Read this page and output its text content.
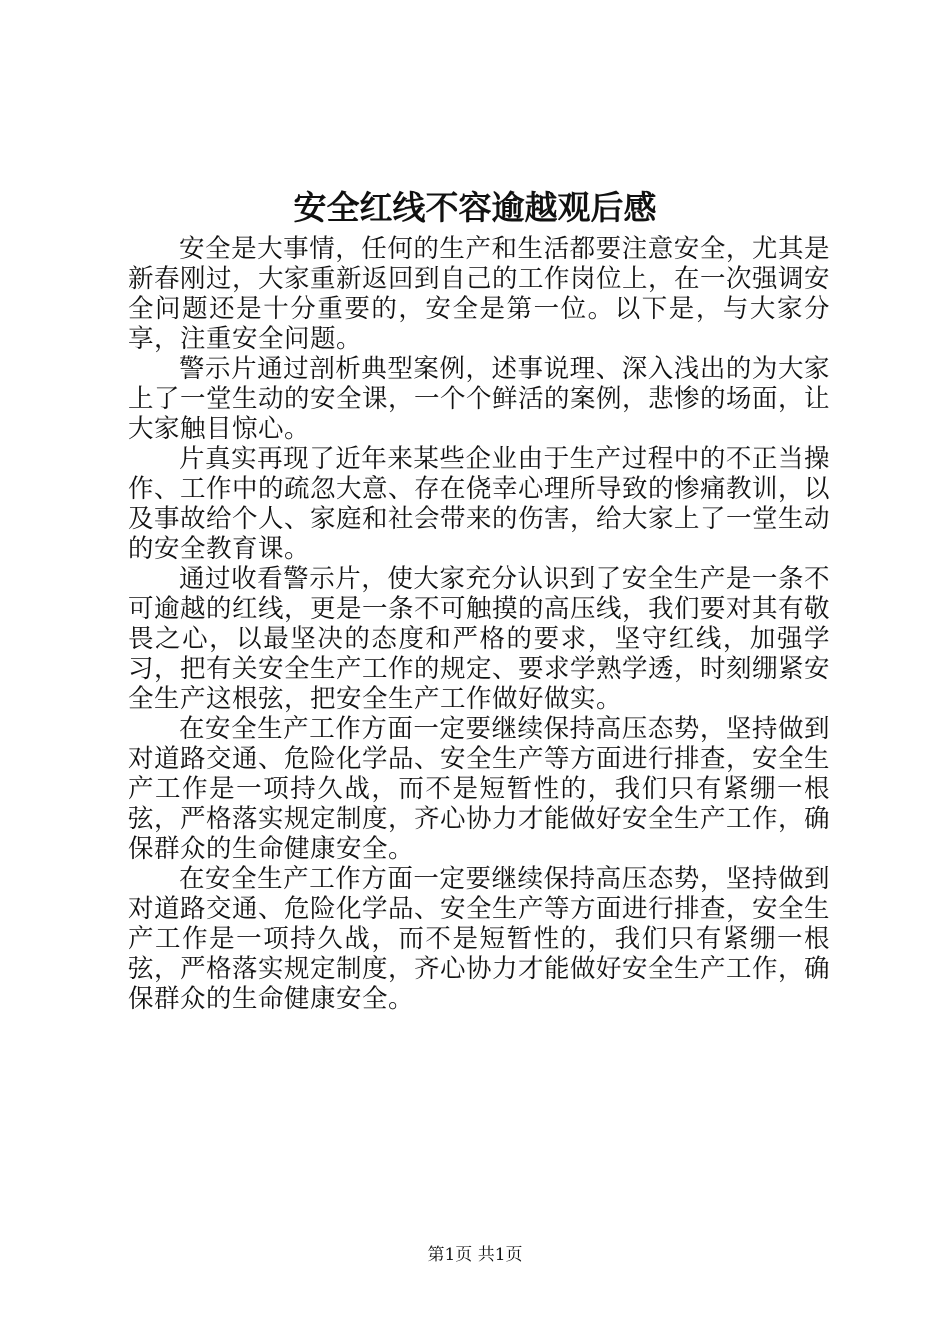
安全红线不容逾越观后感

安全是大事情，任何的生产和生活都要注意安全，尤其是新春刚过，大家重新返回到自己的工作岗位上，在一次强调安全问题还是十分重要的，安全是第一位。以下是，与大家分享，注重安全问题。

警示片通过剖析典型案例，述事说理、深入浅出的为大家上了一堂生动的安全课，一个个鲜活的案例，悲惨的场面，让大家触目惊心。

片真实再现了近年来某些企业由于生产过程中的不正当操作、工作中的疏忽大意、存在侥幸心理所导致的惨痛教训，以及事故给个人、家庭和社会带来的伤害，给大家上了一堂生动的安全教育课。

通过收看警示片，使大家充分认识到了安全生产是一条不可逾越的红线，更是一条不可触摸的高压线，我们要对其有敬畏之心，以最坚决的态度和严格的要求，坚守红线，加强学习，把有关安全生产工作的规定、要求学熟学透，时刻绷紧安全生产这根弦，把安全生产工作做好做实。

在安全生产工作方面一定要继续保持高压态势，坚持做到对道路交通、危险化学品、安全生产等方面进行排查，安全生产工作是一项持久战，而不是短暂性的，我们只有紧绷一根弦，严格落实规定制度，齐心协力才能做好安全生产工作，确保群众的生命健康安全。

在安全生产工作方面一定要继续保持高压态势，坚持做到对道路交通、危险化学品、安全生产等方面进行排查，安全生产工作是一项持久战，而不是短暂性的，我们只有紧绷一根弦，严格落实规定制度，齐心协力才能做好安全生产工作，确保群众的生命健康安全。

第1页 共1页
